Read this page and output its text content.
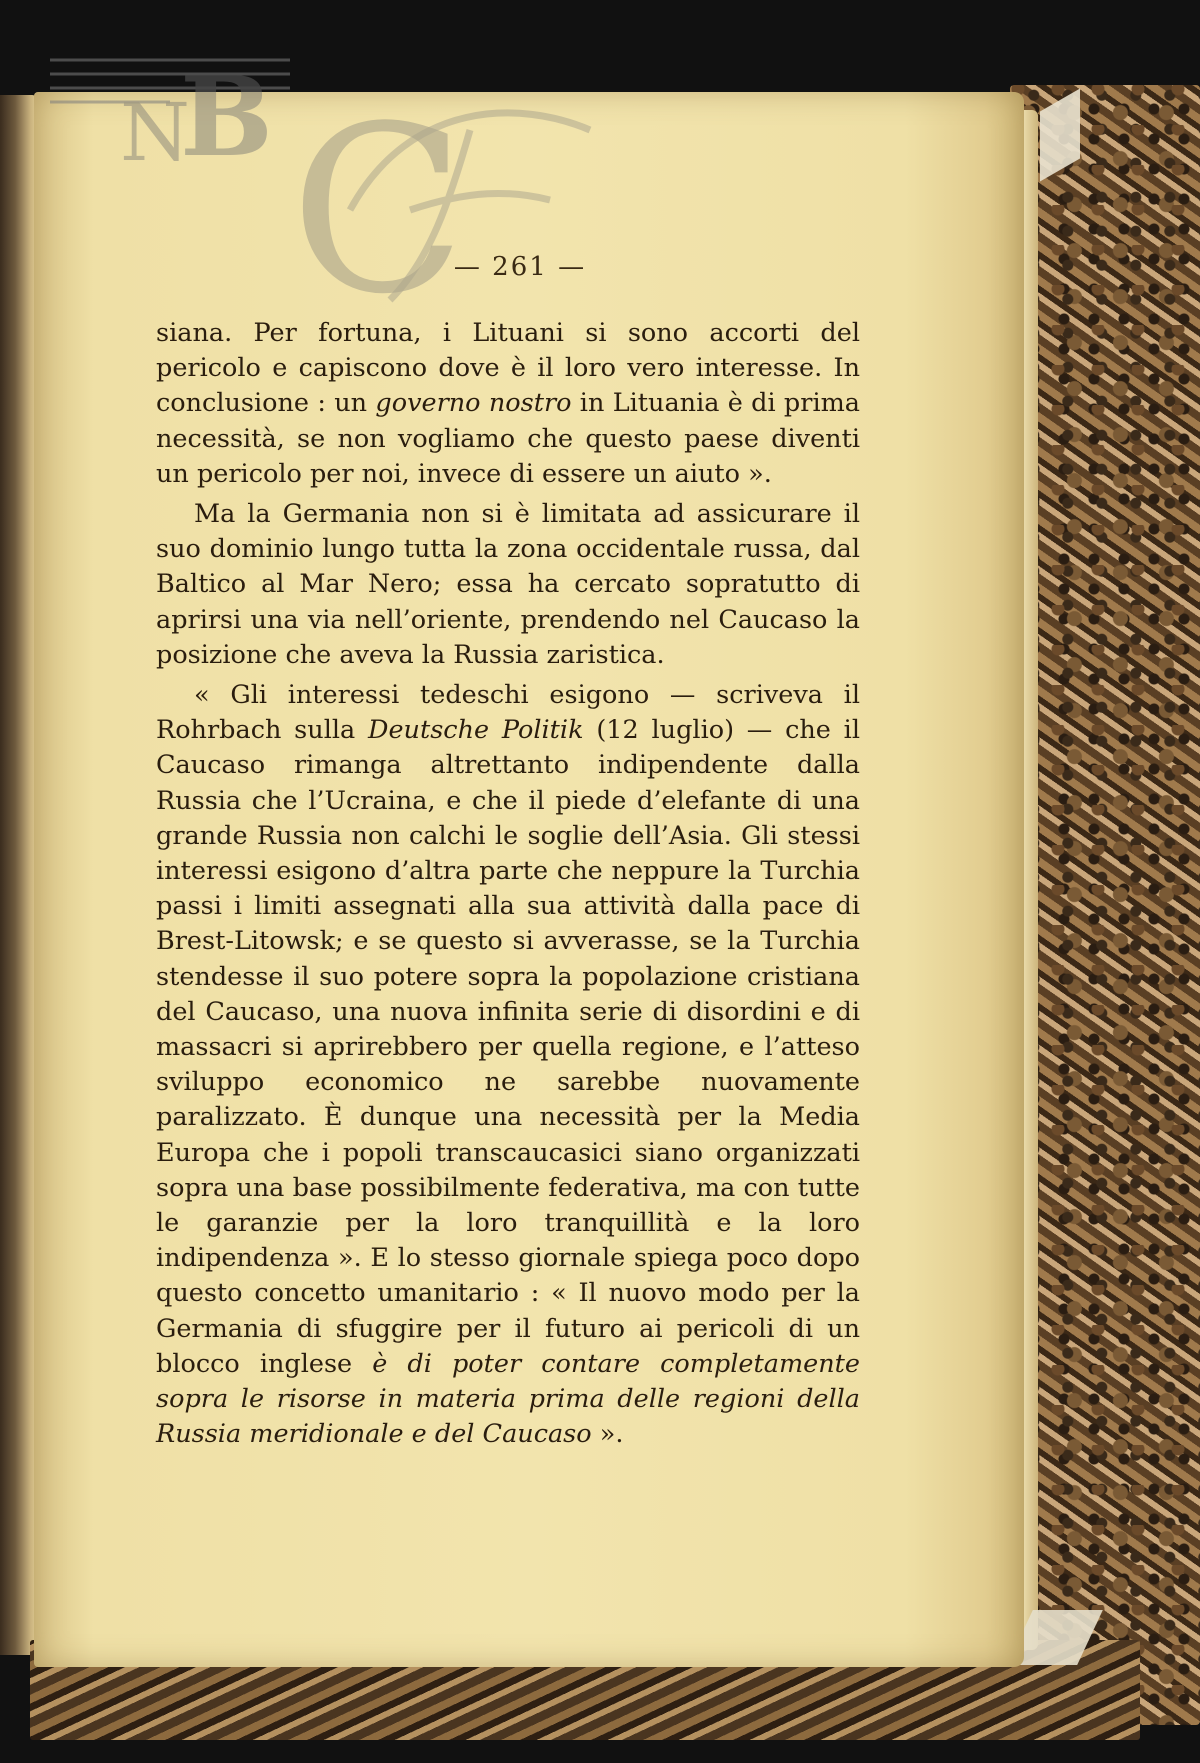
B
N C
— 261 —

siana. Per fortuna, i Lituani si sono accorti del pericolo e capiscono dove è il loro vero interesse. In conclusione : un governo nostro in Lituania è di prima necessità, se non vogliamo che questo paese diventi un pericolo per noi, invece di essere un aiuto ».

Ma la Germania non si è limitata ad assicurare il suo dominio lungo tutta la zona occidentale russa, dal Baltico al Mar Nero; essa ha cercato sopratutto di aprirsi una via nell’oriente, prendendo nel Caucaso la posizione che aveva la Russia zaristica.

« Gli interessi tedeschi esigono — scriveva il Rohrbach sulla Deutsche Politik (12 luglio) — che il Caucaso rimanga altrettanto indipendente dalla Russia che l’Ucraina, e che il piede d’elefante di una grande Russia non calchi le soglie dell’Asia. Gli stessi interessi esigono d’altra parte che neppure la Turchia passi i limiti assegnati alla sua attività dalla pace di Brest-Litowsk; e se questo si avverasse, se la Turchia stendesse il suo potere sopra la popolazione cristiana del Caucaso, una nuova infinita serie di disordini e di massacri si aprirebbero per quella regione, e l’atteso sviluppo economico ne sarebbe nuovamente paralizzato. È dunque una necessità per la Media Europa che i popoli transcaucasici siano organizzati sopra una base possibilmente federativa, ma con tutte le garanzie per la loro tranquillità e la loro indipendenza ». E lo stesso giornale spiega poco dopo questo concetto umanitario : « Il nuovo modo per la Germania di sfuggire per il futuro ai pericoli di un blocco inglese è di poter contare completamente sopra le risorse in materia prima delle regioni della Russia meridionale e del Caucaso ».
